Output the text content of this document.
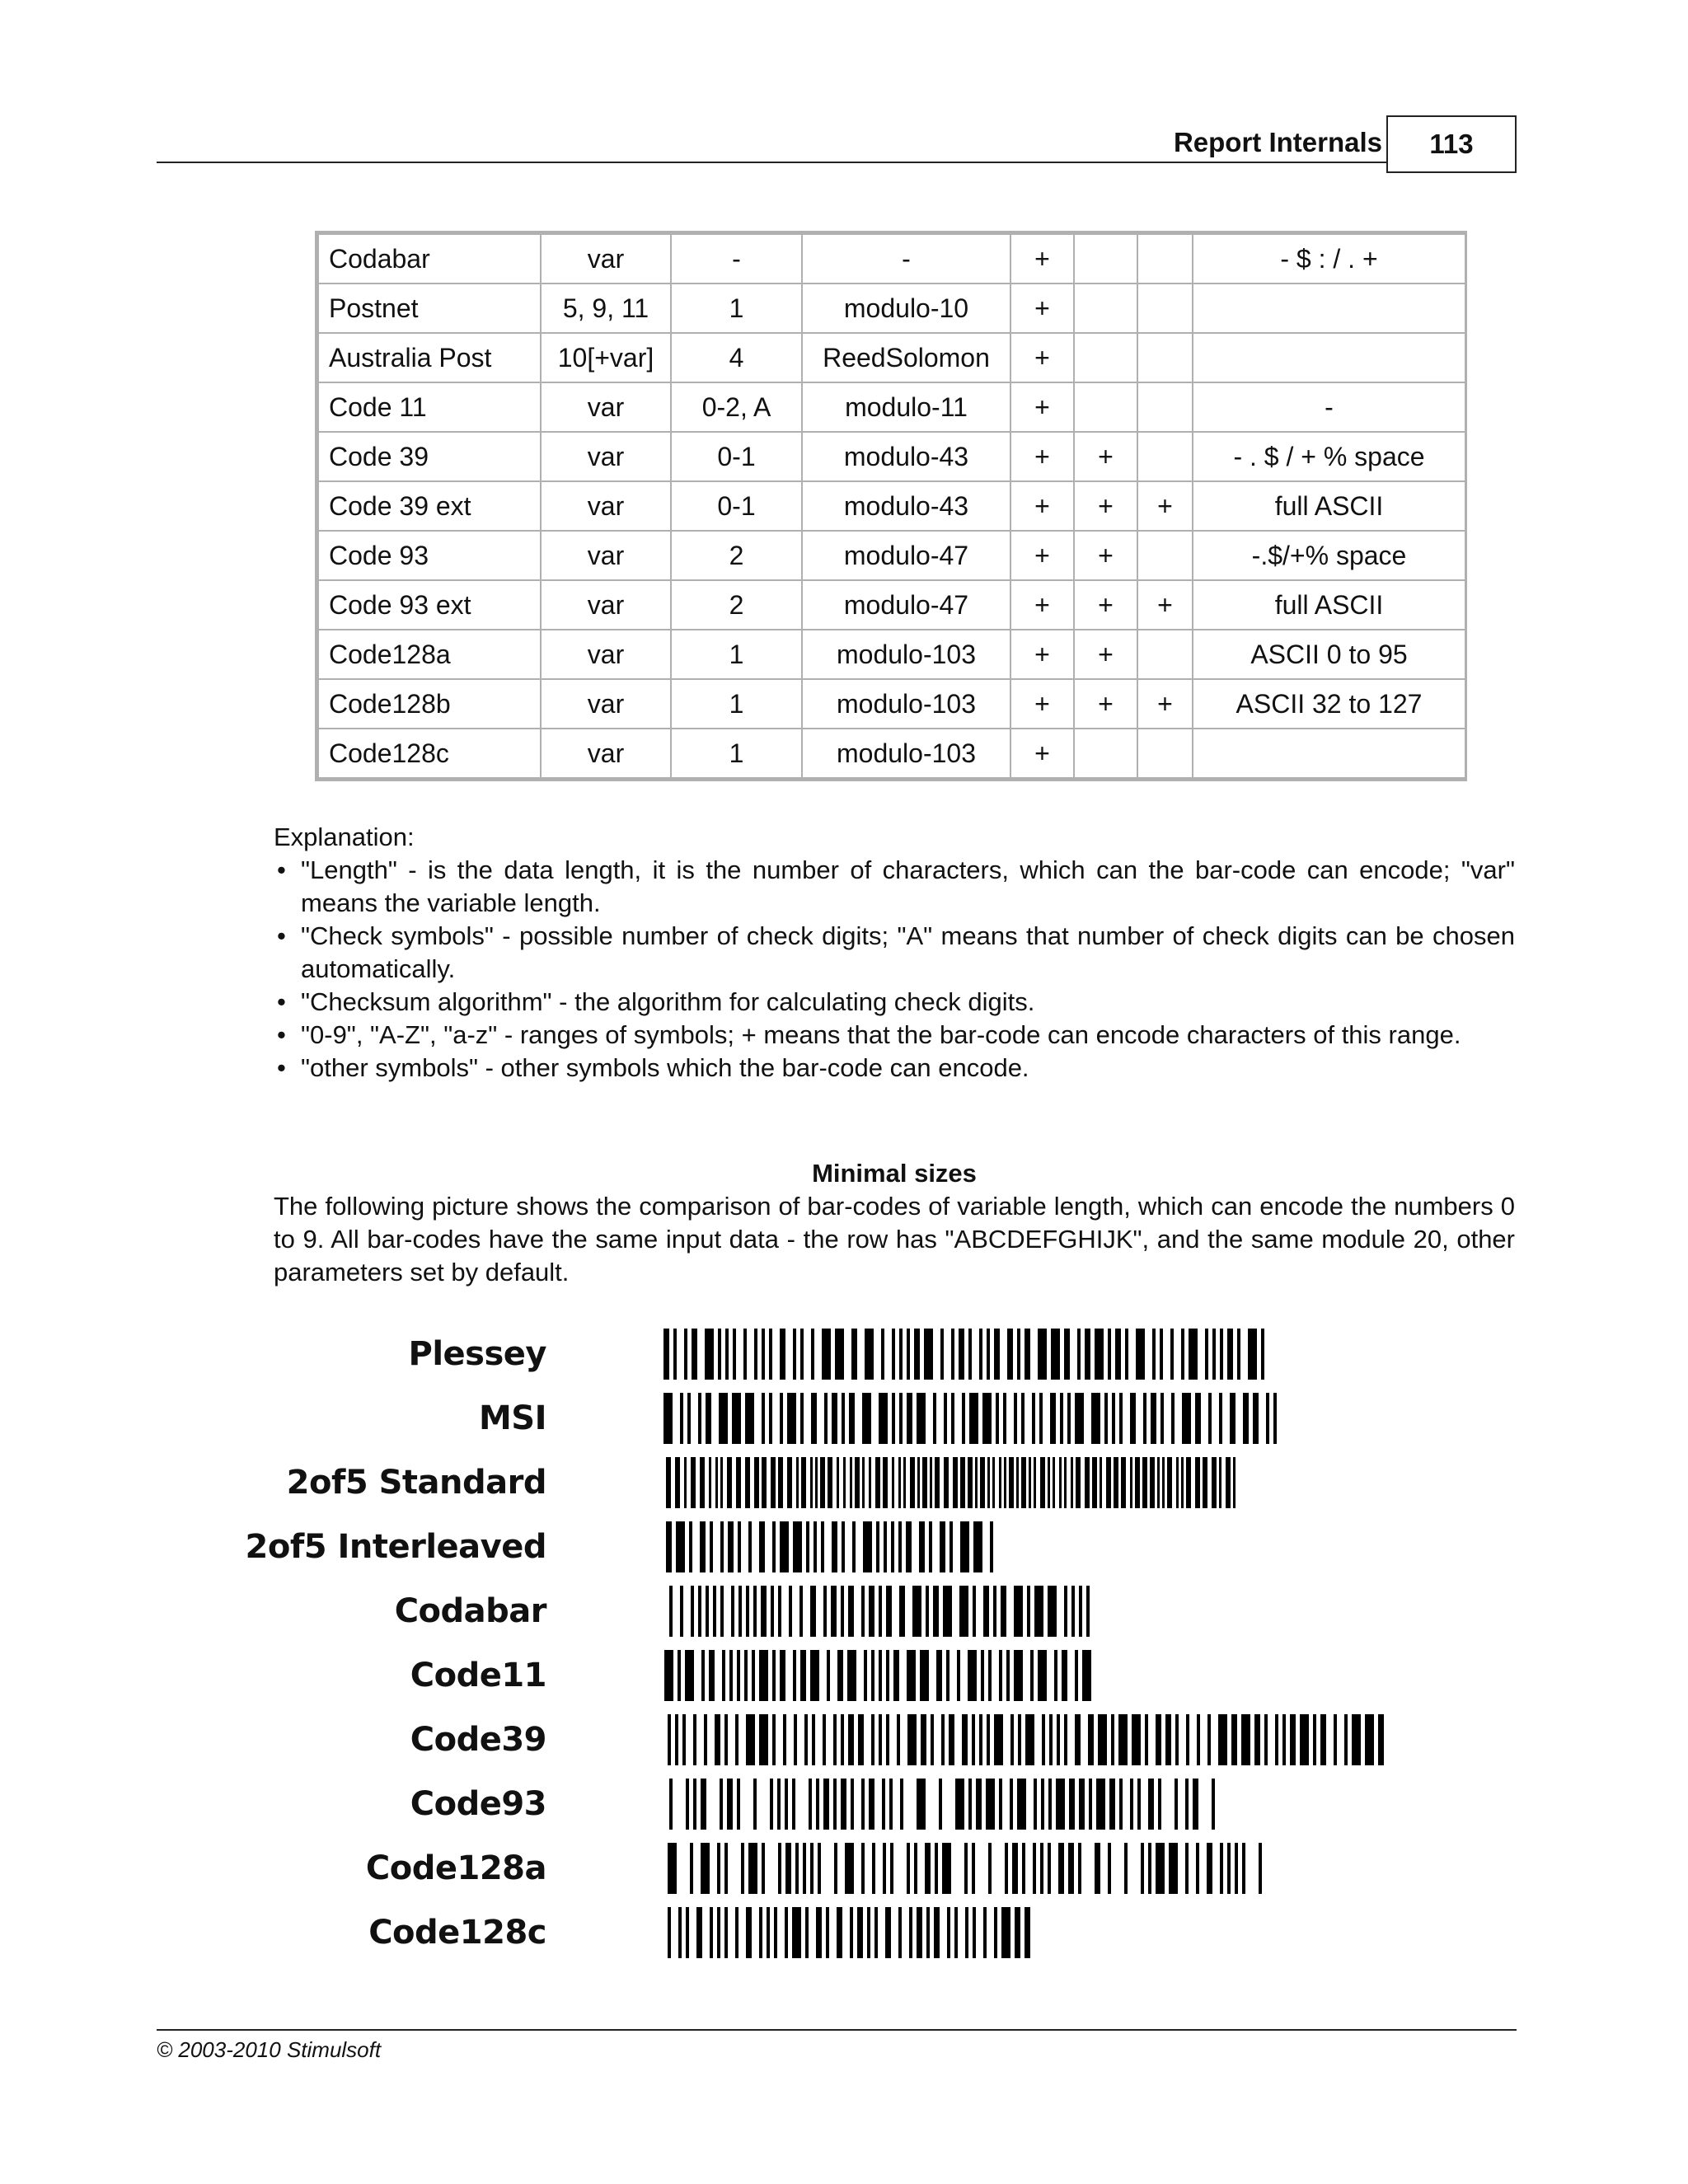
Report Internals	113
Codabar	var	-	-	+			- $ : / . +
Postnet	5, 9, 11	1	modulo-10	+			
Australia Post	10[+var]	4	ReedSolomon	+			
Code 11	var	0-2, A	modulo-11	+			-
Code 39	var	0-1	modulo-43	+	+		- . $ / + % space
Code 39 ext	var	0-1	modulo-43	+	+	+	full ASCII
Code 93	var	2	modulo-47	+	+		-.$/+% space
Code 93 ext	var	2	modulo-47	+	+	+	full ASCII
Code128a	var	1	modulo-103	+	+		ASCII 0 to 95
Code128b	var	1	modulo-103	+	+	+	ASCII 32 to 127
Code128c	var	1	modulo-103	+			

Explanation:

• "Length" - is the data length, it is the number of characters, which can the bar-code can encode; "var" means the variable length.
• "Check symbols" - possible number of check digits; "A" means that number of check digits can be chosen automatically.
• "Checksum algorithm" - the algorithm for calculating check digits.
• "0-9", "A-Z", "a-z" - ranges of symbols; + means that the bar-code can encode characters of this range.
• "other symbols" - other symbols which the bar-code can encode.

Minimal sizes

The following picture shows the comparison of bar-codes of variable length, which can encode the numbers 0 to 9. All bar-codes have the same input data - the row has "ABCDEFGHIJK", and the same module 20, other parameters set by default.

Plessey
MSI
2of5 Standard
2of5 Interleaved
Codabar
Code11
Code39
Code93
Code128a
Code128c
© 2003-2010 Stimulsoft
